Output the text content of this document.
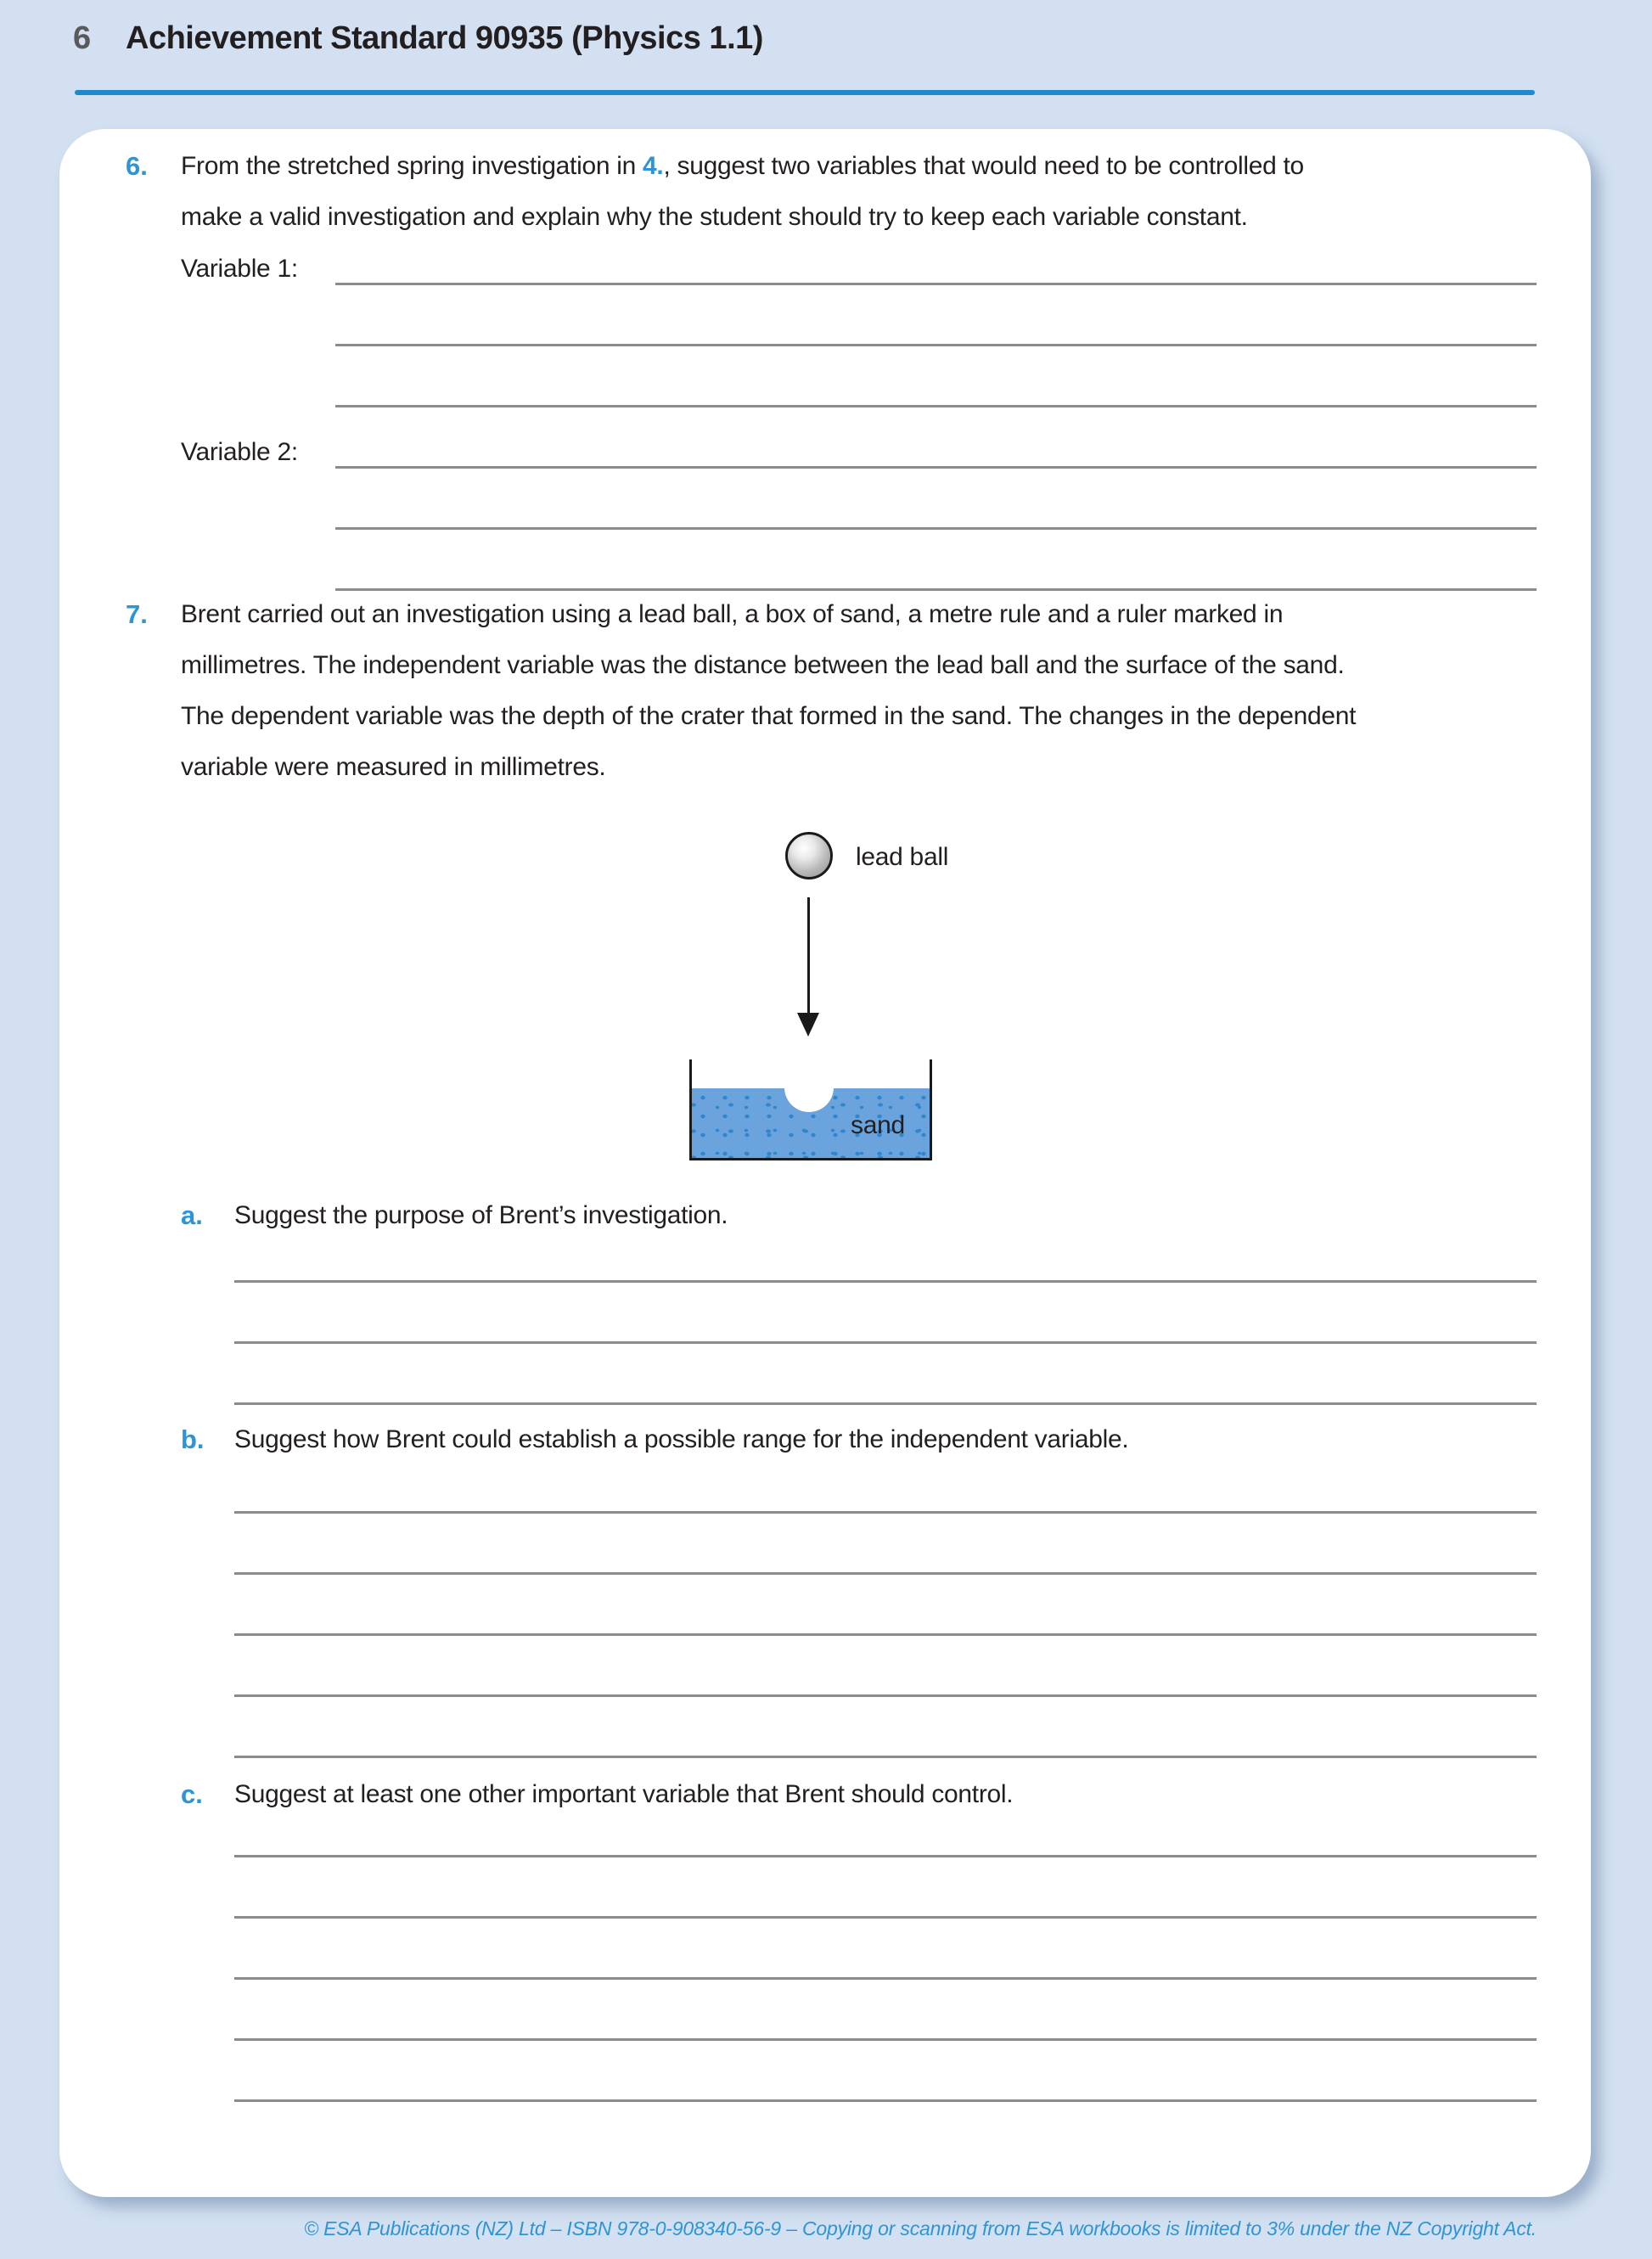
6 Achievement Standard 90935 (Physics 1.1)
6. From the stretched spring investigation in 4., suggest two variables that would need to be controlled to
make a valid investigation and explain why the student should try to keep each variable constant.
Variable 1:
Variable 2:
7. Brent carried out an investigation using a lead ball, a box of sand, a metre rule and a ruler marked in
millimetres. The independent variable was the distance between the lead ball and the surface of the sand.
The dependent variable was the depth of the crater that formed in the sand. The changes in the dependent
variable were measured in millimetres.
lead ball
sand
a. Suggest the purpose of Brent’s investigation.
b. Suggest how Brent could establish a possible range for the independent variable.
c. Suggest at least one other important variable that Brent should control.
© ESA Publications (NZ) Ltd – ISBN 978-0-908340-56-9 – Copying or scanning from ESA workbooks is limited to 3% under the NZ Copyright Act.
